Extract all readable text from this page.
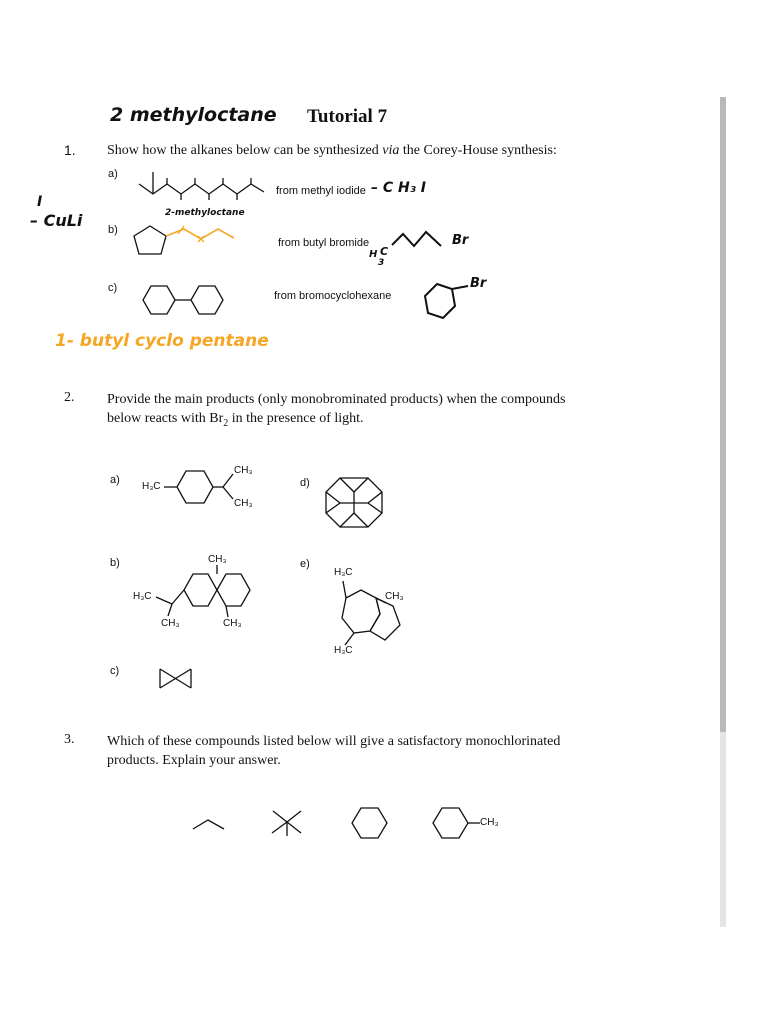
2 methyloctane Tutorial 7
I
– CuLi
1- butyl cyclo pentane
1. Show how the alkanes below can be synthesized via the Corey-House synthesis:
a)
from methyl iodide – C H₃ I
2-methyloctane
b)
from butyl bromide	Br
H C
3
c)
from bromocyclohexane
Br
2. Provide the main products (only monobrominated products) when the compounds
below reacts with $Br_2$ in the presence of light.
a)
H₃C
CH₃
CH₃
d)
b)	CH₃
H₃C
CH₃	CH₃
e)
H₃C
CH₃
H₃C
c)
3. Which of these compounds listed below will give a satisfactory monochlorinated
products. Explain your answer.
CH₃
